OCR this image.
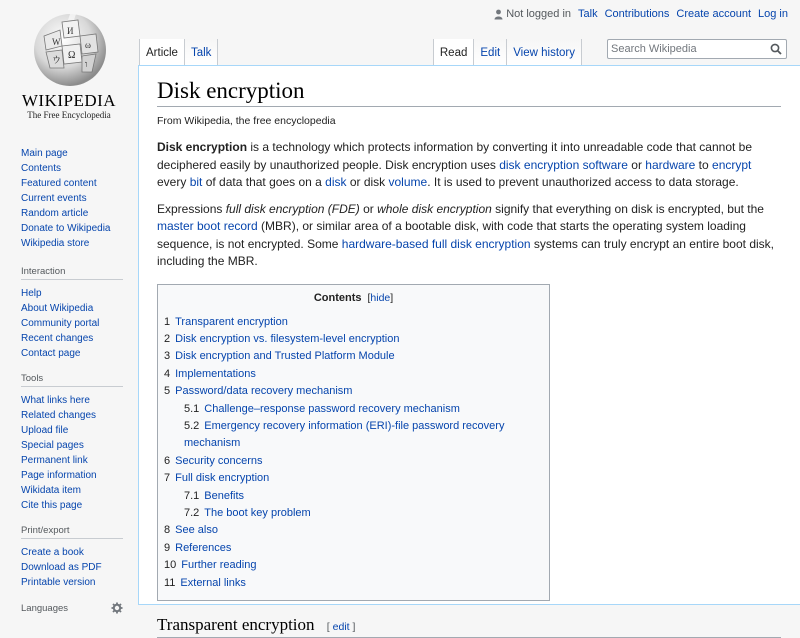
W
И
ω
Ω
ウ	ו
WIKIPEDIA
The Free Encyclopedia
Not logged in Talk Contributions Create account Log in
Article Talk	Read Edit View history
Search Wikipedia
Main page
Contents
Featured content
Current events
Random article
Donate to Wikipedia
Wikipedia store
Interaction
Help
About Wikipedia
Community portal
Recent changes
Contact page
Tools
What links here
Related changes
Upload file
Special pages
Permanent link
Page information
Wikidata item
Cite this page
Print/export
Create a book
Download as PDF
Printable version
Languages
Disk encryption
From Wikipedia, the free encyclopedia

Disk encryption is a technology which protects information by converting it into unreadable code that cannot be deciphered easily by unauthorized people. Disk encryption uses disk encryption software or hardware to encrypt every bit of data that goes on a disk or disk volume. It is used to prevent unauthorized access to data storage.

Expressions full disk encryption (FDE) or whole disk encryption signify that everything on disk is encrypted, but the master boot record (MBR), or similar area of a bootable disk, with code that starts the operating system loading sequence, is not encrypted. Some hardware-based full disk encryption systems can truly encrypt an entire boot disk, including the MBR.

Contents [hide]
1 Transparent encryption
2 Disk encryption vs. filesystem-level encryption
3 Disk encryption and Trusted Platform Module
4 Implementations
5 Password/data recovery mechanism
5.1 Challenge–response password recovery mechanism
5.2 Emergency recovery information (ERI)-file password recovery mechanism
6 Security concerns
7 Full disk encryption
7.1 Benefits
7.2 The boot key problem
8 See also
9 References
10 Further reading
11 External links
Transparent encryption [ edit ]
